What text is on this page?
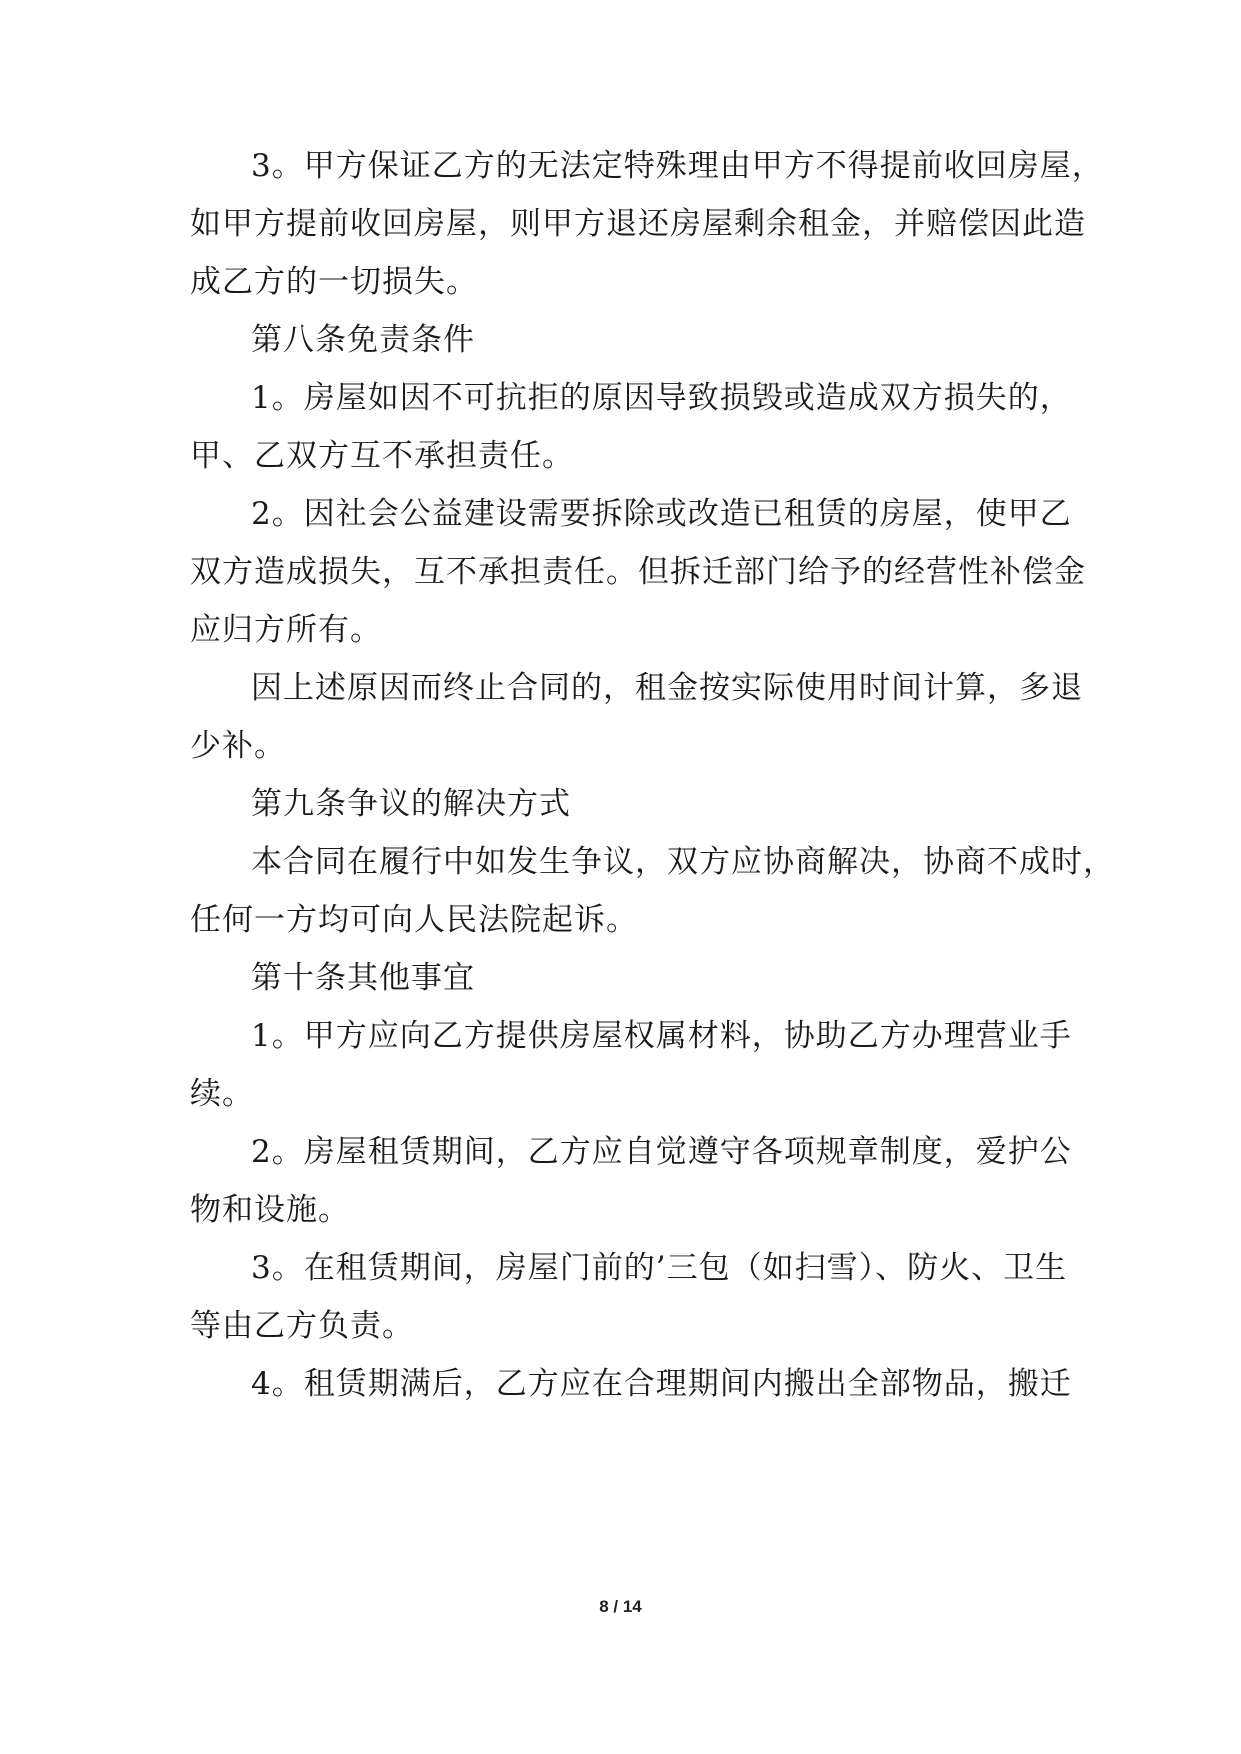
3。甲方保证乙方的无法定特殊理由甲方不得提前收回房屋，
如甲方提前收回房屋，则甲方退还房屋剩余租金，并赔偿因此造
成乙方的一切损失。
第八条免责条件
1。房屋如因不可抗拒的原因导致损毁或造成双方损失的，
甲、乙双方互不承担责任。
2。因社会公益建设需要拆除或改造已租赁的房屋，使甲乙
双方造成损失，互不承担责任。但拆迁部门给予的经营性补偿金
应归方所有。
因上述原因而终止合同的，租金按实际使用时间计算，多退
少补。
第九条争议的解决方式
本合同在履行中如发生争议，双方应协商解决，协商不成时，
任何一方均可向人民法院起诉。
第十条其他事宜
1。甲方应向乙方提供房屋权属材料，协助乙方办理营业手
续。
2。房屋租赁期间，乙方应自觉遵守各项规章制度，爱护公
物和设施。
3。在租赁期间，房屋门前的’三包（如扫雪）、防火、卫生
等由乙方负责。
4。租赁期满后，乙方应在合理期间内搬出全部物品，搬迁
8 / 14
